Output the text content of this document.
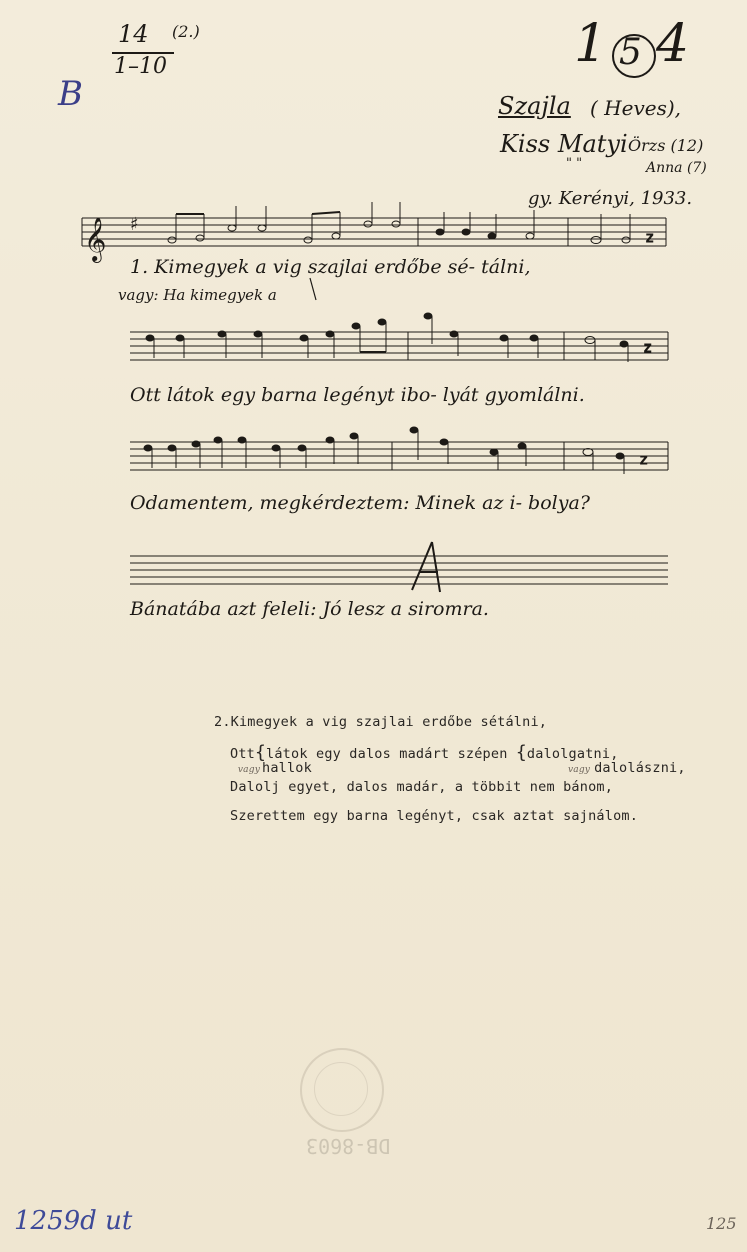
14 (2.)
1–10
B
1 5 4
Szajla ( Heves),
Kiss Matyi Örzs (12)
" "	Anna (7)
gy. Kerényi, 1933.
𝄞 ♯
z
z
z
1. Kimegyek a vig szajlai erdőbe sé- tálni,
vagy: Ha kimegyek a
Ott látok egy barna legényt ibo- lyát gyomlálni.
Odamentem, megkérdeztem: Minek az i- bolya?
Bánatába azt feleli: Jó lesz a siromra.
2.Kimegyek a vig szajlai erdőbe sétálni,
Ott{látok egy dalos madárt szépen {dalolgatni,
vagy hallok	vagy dalolászni,
Dalolj egyet, dalos madár, a többit nem bánom,
Szerettem egy barna legényt, csak aztat sajnálom.
DB-8603
1259d ut	125
